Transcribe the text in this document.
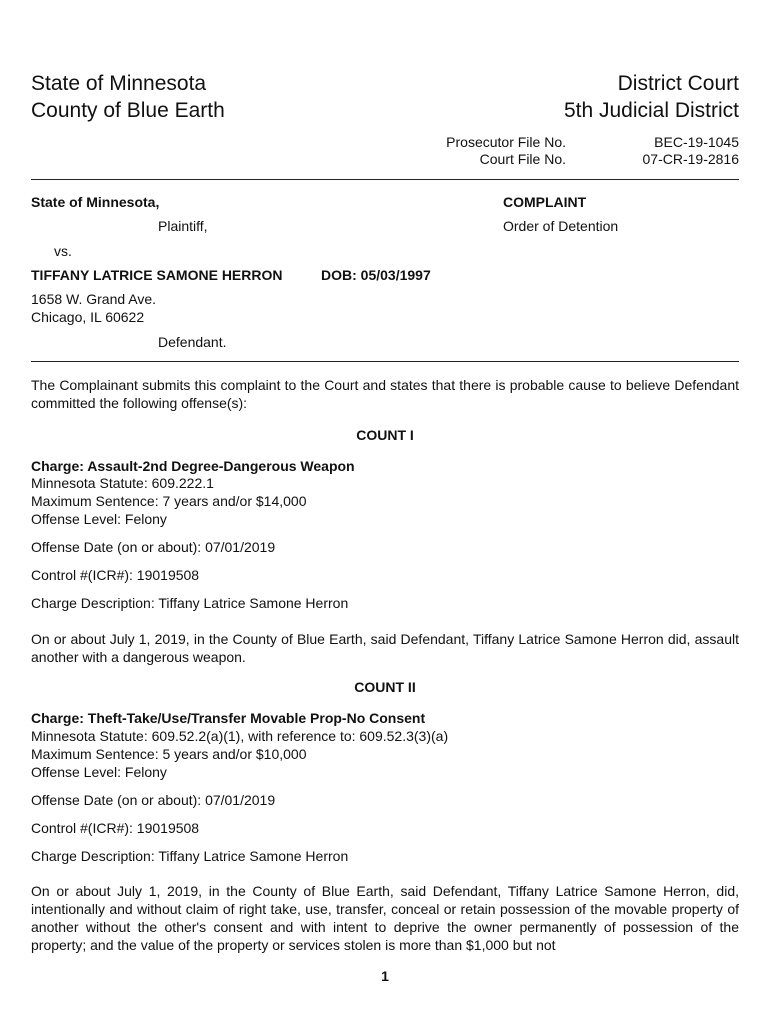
State of Minnesota
County of Blue Earth
District Court
5th Judicial District
Prosecutor File No.	BEC-19-1045
Court File No.	07-CR-19-2816
State of Minnesota,
Plaintiff,
vs.
TIFFANY LATRICE SAMONE HERRON	DOB: 05/03/1997
1658 W. Grand Ave.
Chicago, IL 60622
Defendant.
COMPLAINT
Order of Detention
The Complainant submits this complaint to the Court and states that there is probable cause to believe Defendant committed the following offense(s):
COUNT I
Charge: Assault-2nd Degree-Dangerous Weapon
Minnesota Statute: 609.222.1
Maximum Sentence: 7 years and/or $14,000
Offense Level: Felony
Offense Date (on or about): 07/01/2019
Control #(ICR#): 19019508
Charge Description: Tiffany Latrice Samone Herron
On or about July 1, 2019, in the County of Blue Earth, said Defendant, Tiffany Latrice Samone Herron did, assault another with a dangerous weapon.
COUNT II
Charge: Theft-Take/Use/Transfer Movable Prop-No Consent
Minnesota Statute: 609.52.2(a)(1), with reference to: 609.52.3(3)(a)
Maximum Sentence: 5 years and/or $10,000
Offense Level: Felony
Offense Date (on or about): 07/01/2019
Control #(ICR#): 19019508
Charge Description: Tiffany Latrice Samone Herron
On or about July 1, 2019, in the County of Blue Earth, said Defendant, Tiffany Latrice Samone Herron, did, intentionally and without claim of right take, use, transfer, conceal or retain possession of the movable property of another without the other's consent and with intent to deprive the owner permanently of possession of the property; and the value of the property or services stolen is more than $1,000 but not
1
